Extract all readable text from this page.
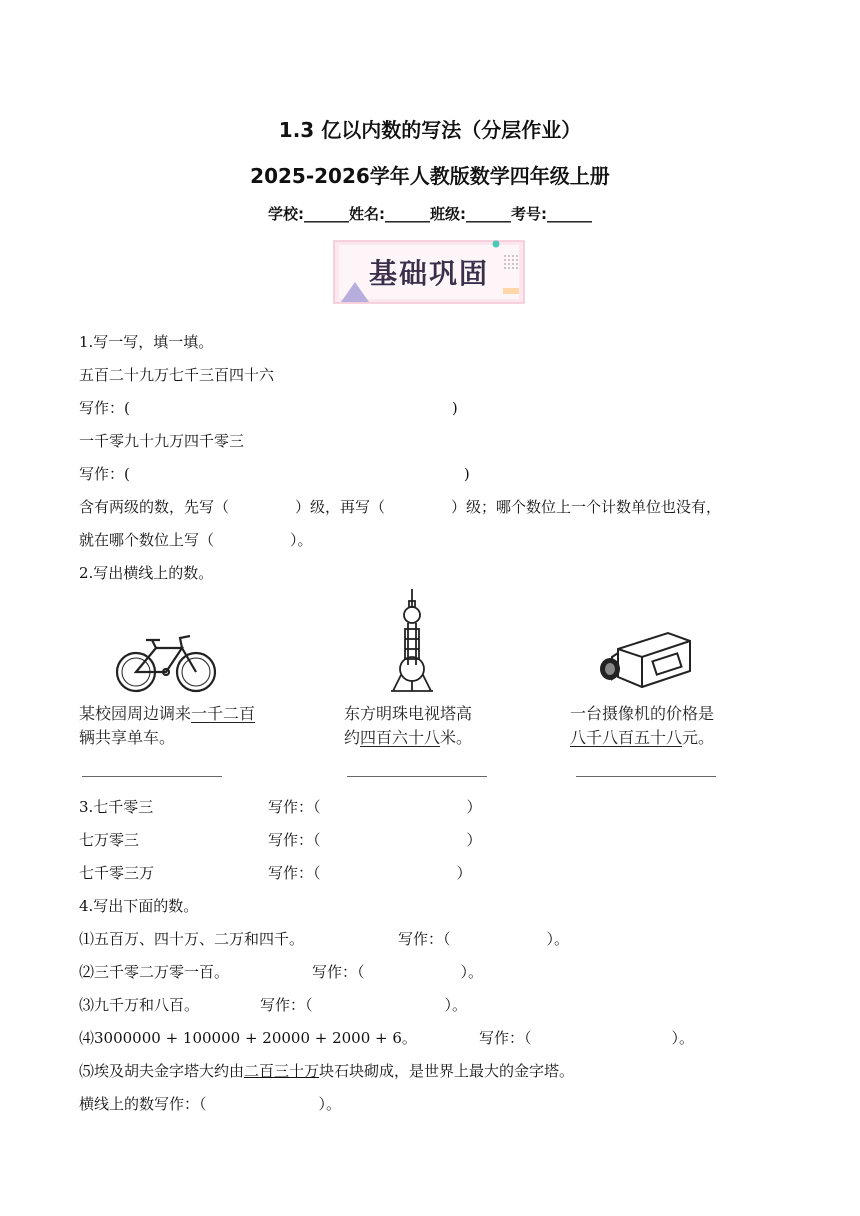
1.3 亿以内数的写法（分层作业）
2025-2026学年人教版数学四年级上册
学校:______姓名:______班级:______考号:______
基础巩固
1.写一写，填一填。
五百二十九万七千三百四十六
写作：(	)
一千零九十九万四千零三
写作：(	)
含有两级的数，先写（	）级，再写（	）级；哪个数位上一个计数单位也没有，
就在哪个数位上写（	）。
2.写出横线上的数。
某校园周边调来一千二百
辆共享单车。
东方明珠电视塔高
约四百六十八米。
一台摄像机的价格是
八千八百五十八元。
3.七千零三	写作：（	）
七万零三	写作：（	）
七千零三万	写作：（	）
4.写出下面的数。
⑴五百万、四十万、二万和四千。	写作：（	）。
⑵三千零二万零一百。	写作：（	）。
⑶九千万和八百。	写作：（	）。
⑷3000000 + 100000 + 20000 + 2000 + 6。	写作：（	）。
⑸埃及胡夫金字塔大约由二百三十万块石块砌成，是世界上最大的金字塔。
横线上的数写作：（	）。
